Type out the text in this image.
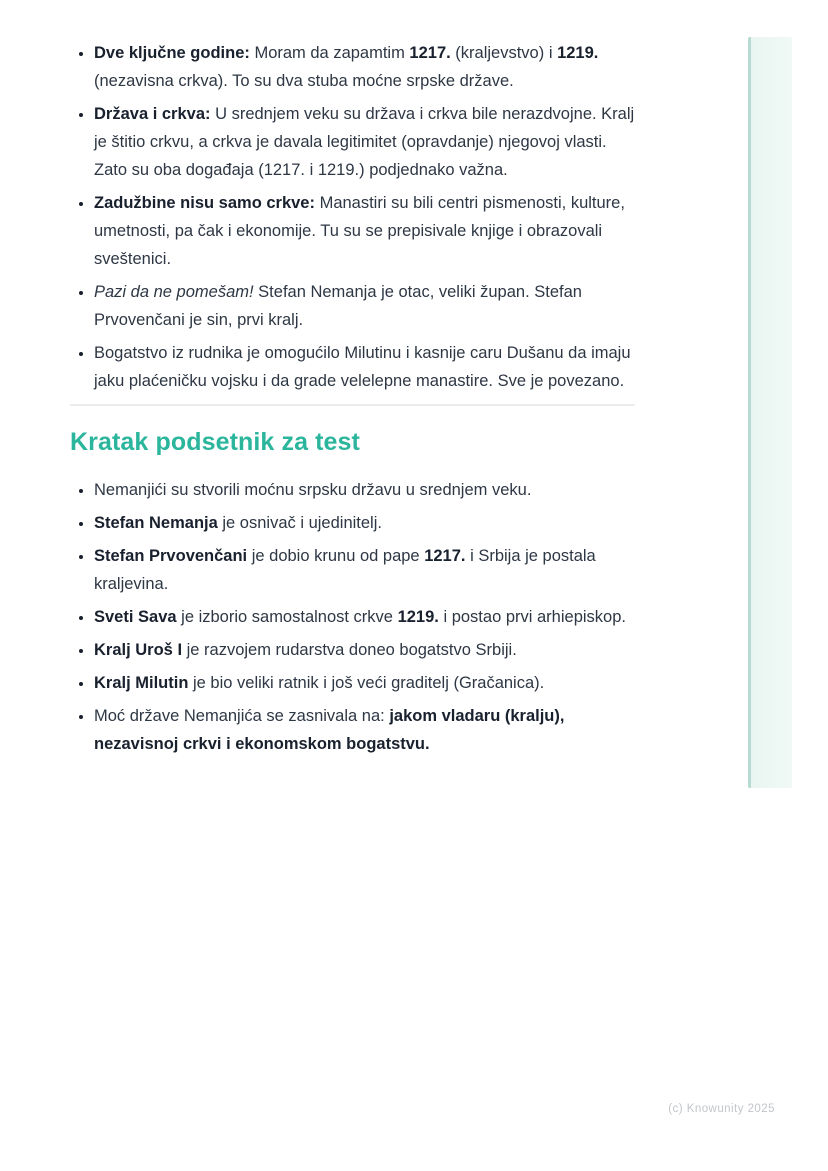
• Dve ključne godine: Moram da zapamtim 1217. (kraljevstvo) i 1219. (nezavisna crkva). To su dva stuba moćne srpske države.
• Država i crkva: U srednjem veku su država i crkva bile nerazdvojne. Kralj je štitio crkvu, a crkva je davala legitimitet (opravdanje) njegovoj vlasti. Zato su oba događaja (1217. i 1219.) podjednako važna.
• Zadužbine nisu samo crkve: Manastiri su bili centri pismenosti, kulture, umetnosti, pa čak i ekonomije. Tu su se prepisivale knjige i obrazovali sveštenici.
• Pazi da ne pomešam! Stefan Nemanja je otac, veliki župan. Stefan Prvovenčani je sin, prvi kralj.
• Bogatstvo iz rudnika je omogućilo Milutinu i kasnije caru Dušanu da imaju jaku plaćeničku vojsku i da grade velelepne manastire. Sve je povezano.
Kratak podsetnik za test
• Nemanjići su stvorili moćnu srpsku državu u srednjem veku.
• Stefan Nemanja je osnivač i ujedinitelj.
• Stefan Prvovenčani je dobio krunu od pape 1217. i Srbija je postala kraljevina.
• Sveti Sava je izborio samostalnost crkve 1219. i postao prvi arhiepiskop.
• Kralj Uroš I je razvojem rudarstva doneo bogatstvo Srbiji.
• Kralj Milutin je bio veliki ratnik i još veći graditelj (Gračanica).
• Moć države Nemanjića se zasnivala na: jakom vladaru (kralju), nezavisnoj crkvi i ekonomskom bogatstvu.
(c) Knowunity 2025
